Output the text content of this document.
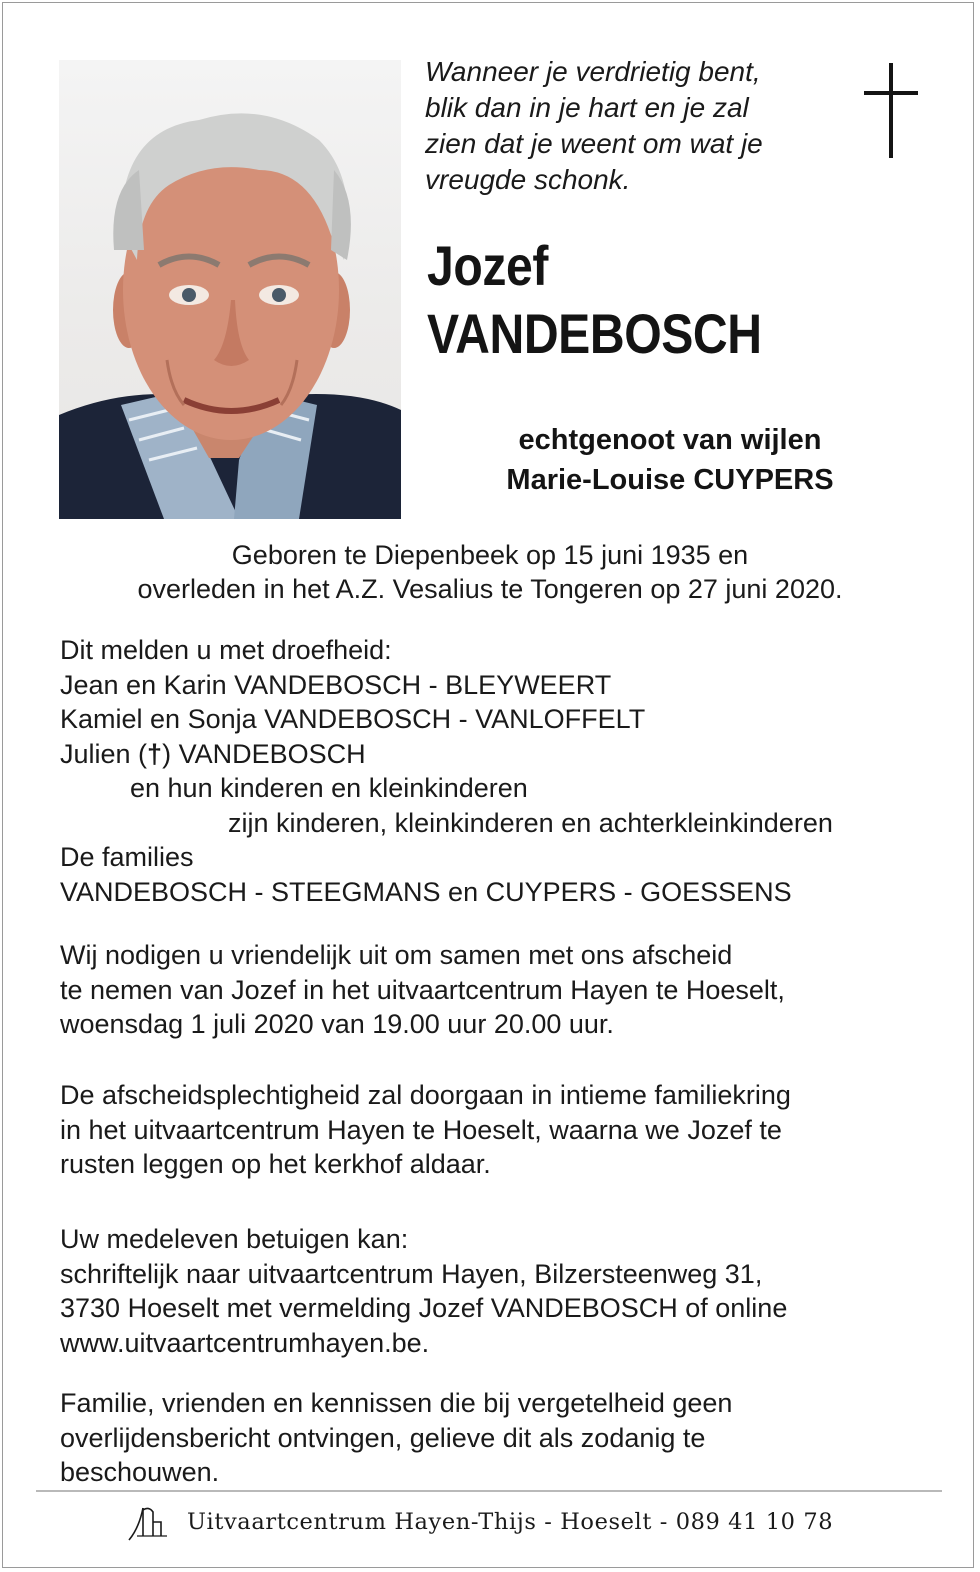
Wanneer je verdrietig bent,
blik dan in je hart en je zal
zien dat je weent om wat je
vreugde schonk.
Jozef
VANDEBOSCH
echtgenoot van wijlen
Marie-Louise CUYPERS
Geboren te Diepenbeek op 15 juni 1935 en
overleden in het A.Z. Vesalius te Tongeren op 27 juni 2020.
Dit melden u met droefheid:
Jean en Karin VANDEBOSCH - BLEYWEERT
Kamiel en Sonja VANDEBOSCH - VANLOFFELT
Julien (†) VANDEBOSCH
en hun kinderen en kleinkinderen
zijn kinderen, kleinkinderen en achterkleinkinderen
De families
VANDEBOSCH - STEEGMANS en CUYPERS - GOESSENS
Wij nodigen u vriendelijk uit om samen met ons afscheid
te nemen van Jozef in het uitvaartcentrum Hayen te Hoeselt,
woensdag 1 juli 2020 van 19.00 uur 20.00 uur.
De afscheidsplechtigheid zal doorgaan in intieme familiekring
in het uitvaartcentrum Hayen te Hoeselt, waarna we Jozef te
rusten leggen op het kerkhof aldaar.
Uw medeleven betuigen kan:
schriftelijk naar uitvaartcentrum Hayen, Bilzersteenweg 31,
3730 Hoeselt met vermelding Jozef VANDEBOSCH of online
www.uitvaartcentrumhayen.be.
Familie, vrienden en kennissen die bij vergetelheid geen
overlijdensbericht ontvingen, gelieve dit als zodanig te
beschouwen.
Uitvaartcentrum Hayen-Thijs - Hoeselt - 089 41 10 78
